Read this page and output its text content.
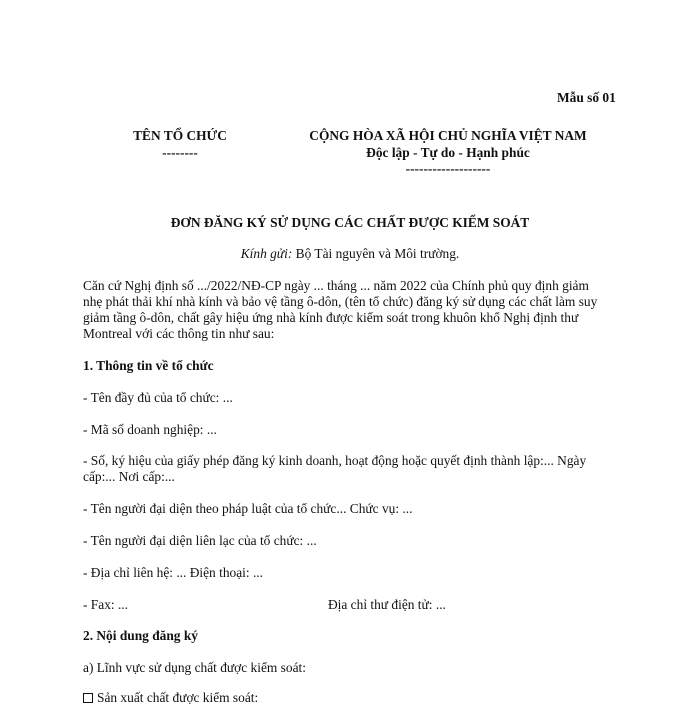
Mẫu số 01
TÊN TỔ CHỨC
--------
CỘNG HÒA XÃ HỘI CHỦ NGHĨA VIỆT NAM
Độc lập - Tự do - Hạnh phúc
-------------------
ĐƠN ĐĂNG KÝ SỬ DỤNG CÁC CHẤT ĐƯỢC KIỂM SOÁT
Kính gửi: Bộ Tài nguyên và Môi trường.
Căn cứ Nghị định số .../2022/NĐ-CP ngày ... tháng ... năm 2022 của Chính phủ quy định giảm
nhẹ phát thải khí nhà kính và bảo vệ tầng ô-dôn, (tên tổ chức) đăng ký sử dụng các chất làm suy
giảm tầng ô-dôn, chất gây hiệu ứng nhà kính được kiểm soát trong khuôn khổ Nghị định thư
Montreal với các thông tin như sau:
1. Thông tin về tổ chức
- Tên đầy đủ của tổ chức: ...
- Mã số doanh nghiệp: ...
- Số, ký hiệu của giấy phép đăng ký kinh doanh, hoạt động hoặc quyết định thành lập:... Ngày
cấp:... Nơi cấp:...
- Tên người đại diện theo pháp luật của tổ chức... Chức vụ: ...
- Tên người đại diện liên lạc của tổ chức: ...
- Địa chỉ liên hệ: ... Điện thoại: ...
- Fax: ...	Địa chỉ thư điện tử: ...
2. Nội dung đăng ký
a) Lĩnh vực sử dụng chất được kiểm soát:
Sản xuất chất được kiểm soát:
